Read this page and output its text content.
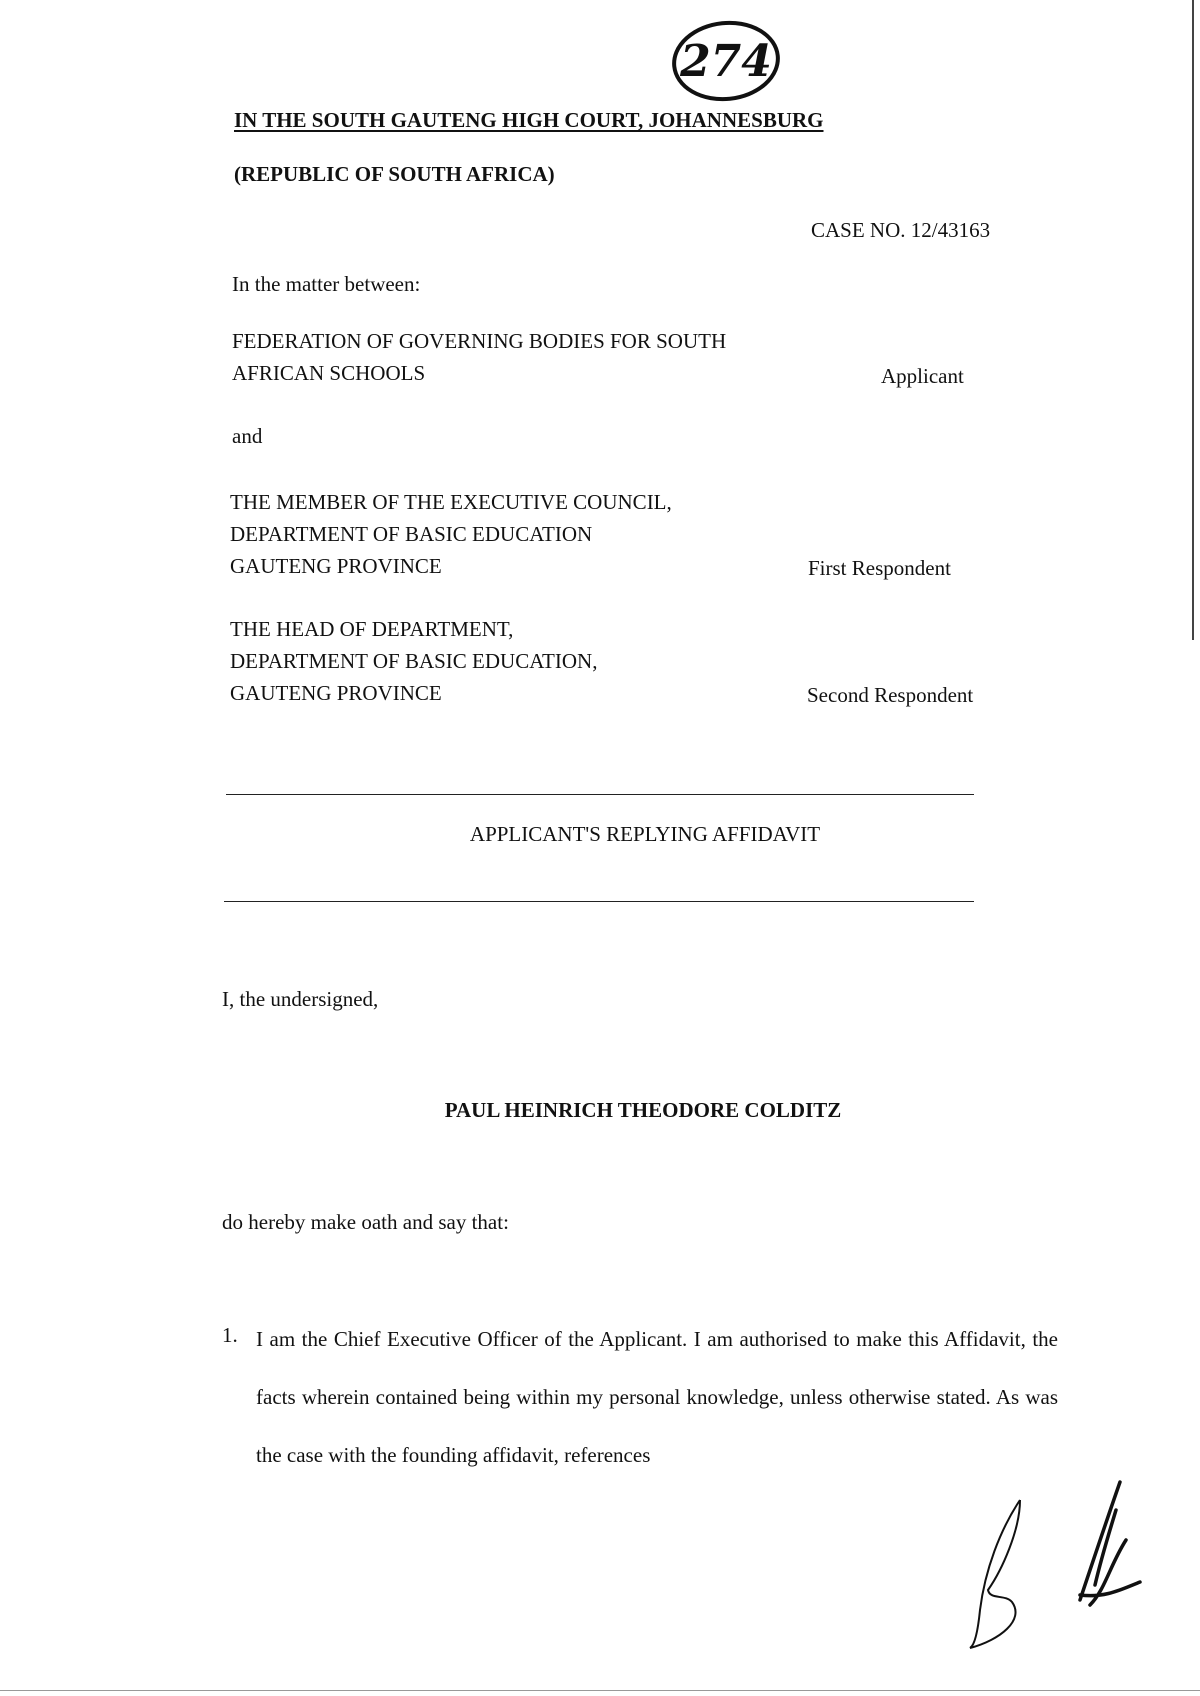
274
IN THE SOUTH GAUTENG HIGH COURT, JOHANNESBURG
(REPUBLIC OF SOUTH AFRICA)
CASE NO. 12/43163
In the matter between:
FEDERATION OF GOVERNING BODIES FOR SOUTH
AFRICAN SCHOOLS	Applicant
and
THE MEMBER OF THE EXECUTIVE COUNCIL,
DEPARTMENT OF BASIC EDUCATION
GAUTENG PROVINCE	First Respondent
THE HEAD OF DEPARTMENT,
DEPARTMENT OF BASIC EDUCATION,
GAUTENG PROVINCE	Second Respondent
APPLICANT'S REPLYING AFFIDAVIT
I, the undersigned,
PAUL HEINRICH THEODORE COLDITZ
do hereby make oath and say that:
1. I am the Chief Executive Officer of the Applicant. I am authorised to make this Affidavit, the facts wherein contained being within my personal knowledge, unless otherwise stated. As was the case with the founding affidavit, references
